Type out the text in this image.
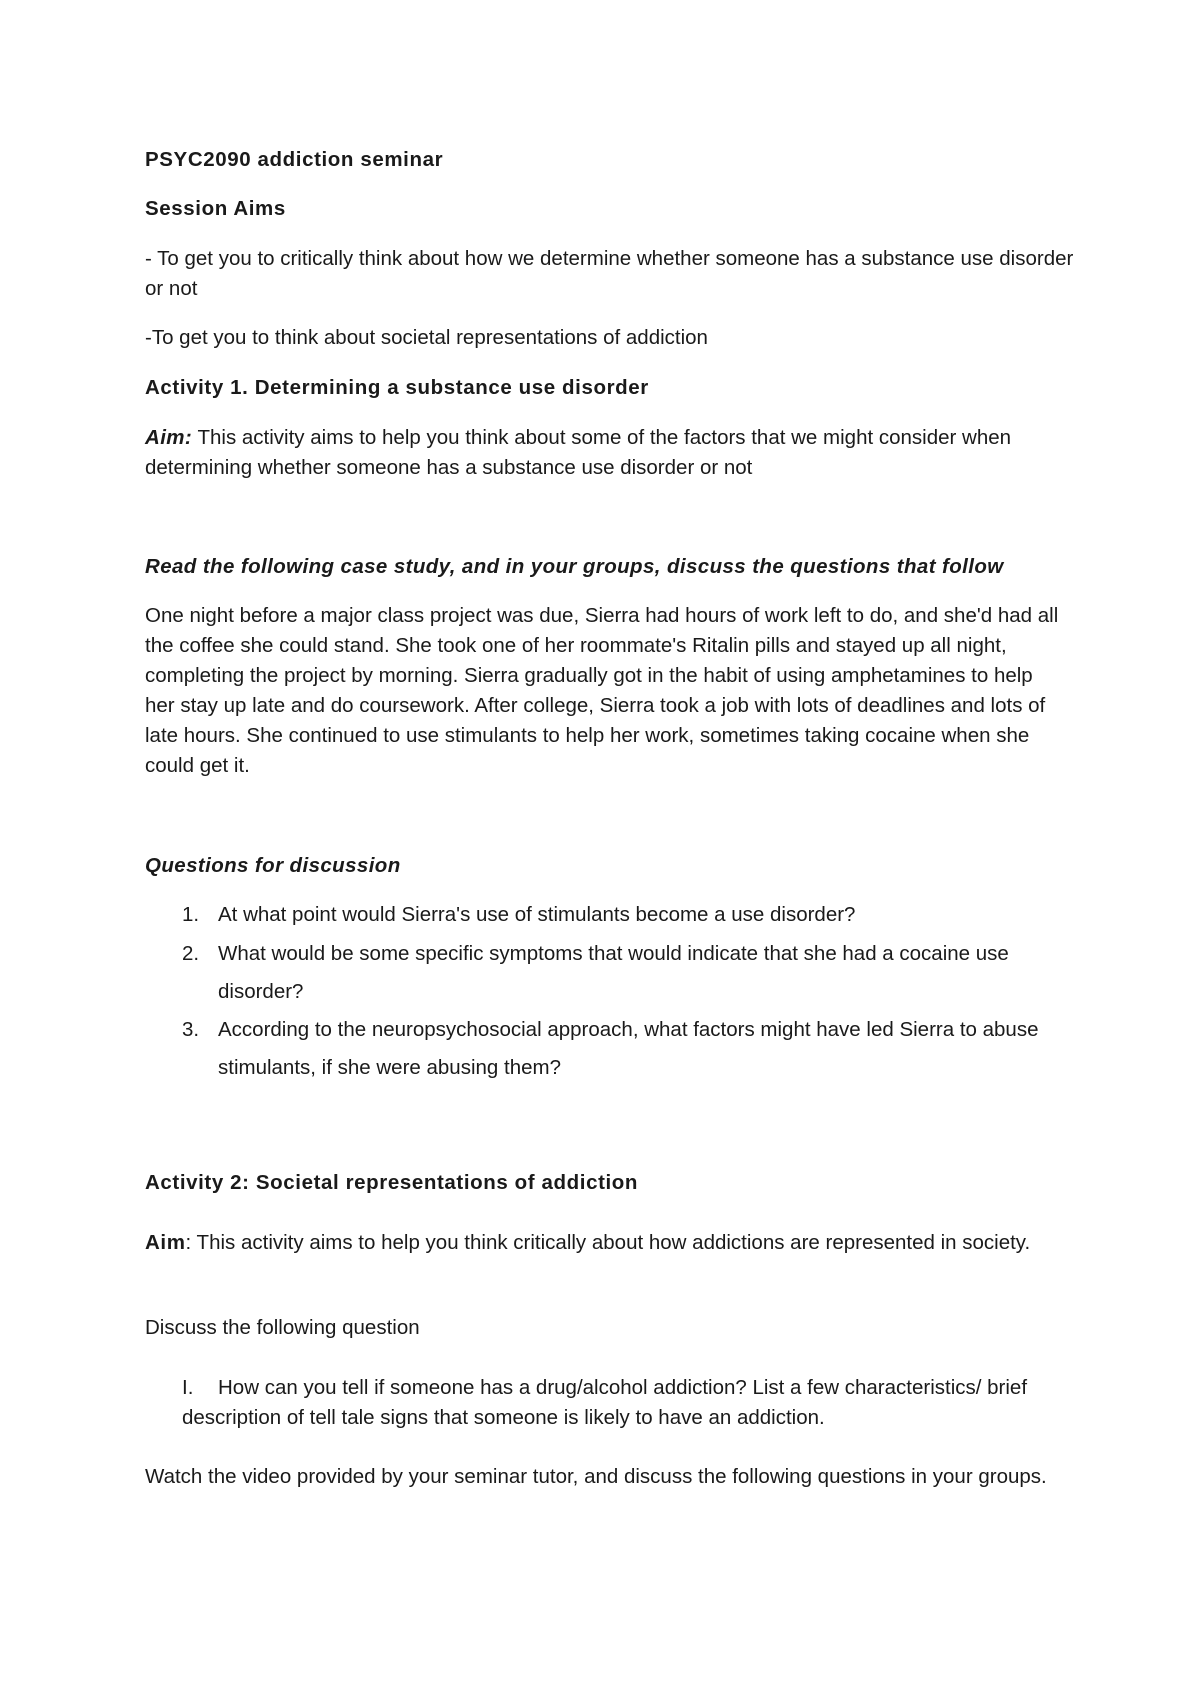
PSYC2090 addiction seminar
Session Aims
- To get you to critically think about how we determine whether someone has a substance use disorder or not
-To get you to think about societal representations of addiction
Activity 1. Determining a substance use disorder
Aim: This activity aims to help you think about some of the factors that we might consider when determining whether someone has a substance use disorder or not
Read the following case study, and in your groups, discuss the questions that follow
One night before a major class project was due, Sierra had hours of work left to do, and she'd had all the coffee she could stand. She took one of her roommate's Ritalin pills and stayed up all night, completing the project by morning. Sierra gradually got in the habit of using amphetamines to help her stay up late and do coursework. After college, Sierra took a job with lots of deadlines and lots of late hours. She continued to use stimulants to help her work, sometimes taking cocaine when she could get it.
Questions for discussion
1. At what point would Sierra's use of stimulants become a use disorder?
2. What would be some specific symptoms that would indicate that she had a cocaine use disorder?
3. According to the neuropsychosocial approach, what factors might have led Sierra to abuse stimulants, if she were abusing them?
Activity 2: Societal representations of addiction
Aim: This activity aims to help you think critically about how addictions are represented in society.
Discuss the following question
I.	How can you tell if someone has a drug/alcohol addiction? List a few characteristics/ brief description of tell tale signs that someone is likely to have an addiction.
Watch the video provided by your seminar tutor, and discuss the following questions in your groups.
